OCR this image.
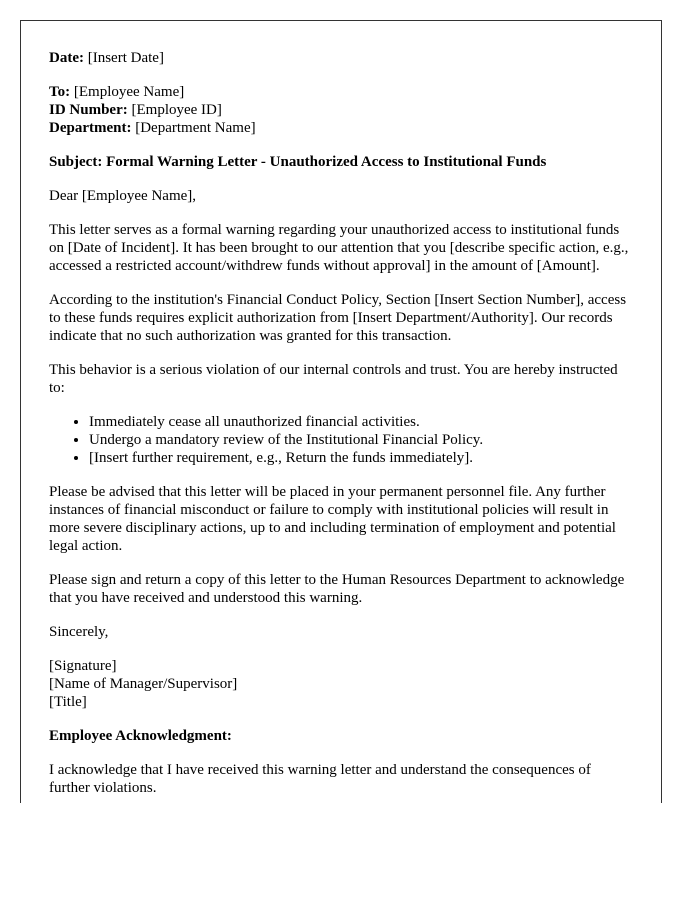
Date: [Insert Date]

To: [Employee Name]
ID Number: [Employee ID]
Department: [Department Name]

Subject: Formal Warning Letter - Unauthorized Access to Institutional Funds

Dear [Employee Name],

This letter serves as a formal warning regarding your unauthorized access to institutional funds on [Date of Incident]. It has been brought to our attention that you [describe specific action, e.g., accessed a restricted account/withdrew funds without approval] in the amount of [Amount].

According to the institution's Financial Conduct Policy, Section [Insert Section Number], access to these funds requires explicit authorization from [Insert Department/Authority]. Our records indicate that no such authorization was granted for this transaction.

This behavior is a serious violation of our internal controls and trust. You are hereby instructed to:

• Immediately cease all unauthorized financial activities.
• Undergo a mandatory review of the Institutional Financial Policy.
• [Insert further requirement, e.g., Return the funds immediately].

Please be advised that this letter will be placed in your permanent personnel file. Any further instances of financial misconduct or failure to comply with institutional policies will result in more severe disciplinary actions, up to and including termination of employment and potential legal action.

Please sign and return a copy of this letter to the Human Resources Department to acknowledge that you have received and understood this warning.

Sincerely,

[Signature]
[Name of Manager/Supervisor]
[Title]

Employee Acknowledgment:

I acknowledge that I have received this warning letter and understand the consequences of further violations.
